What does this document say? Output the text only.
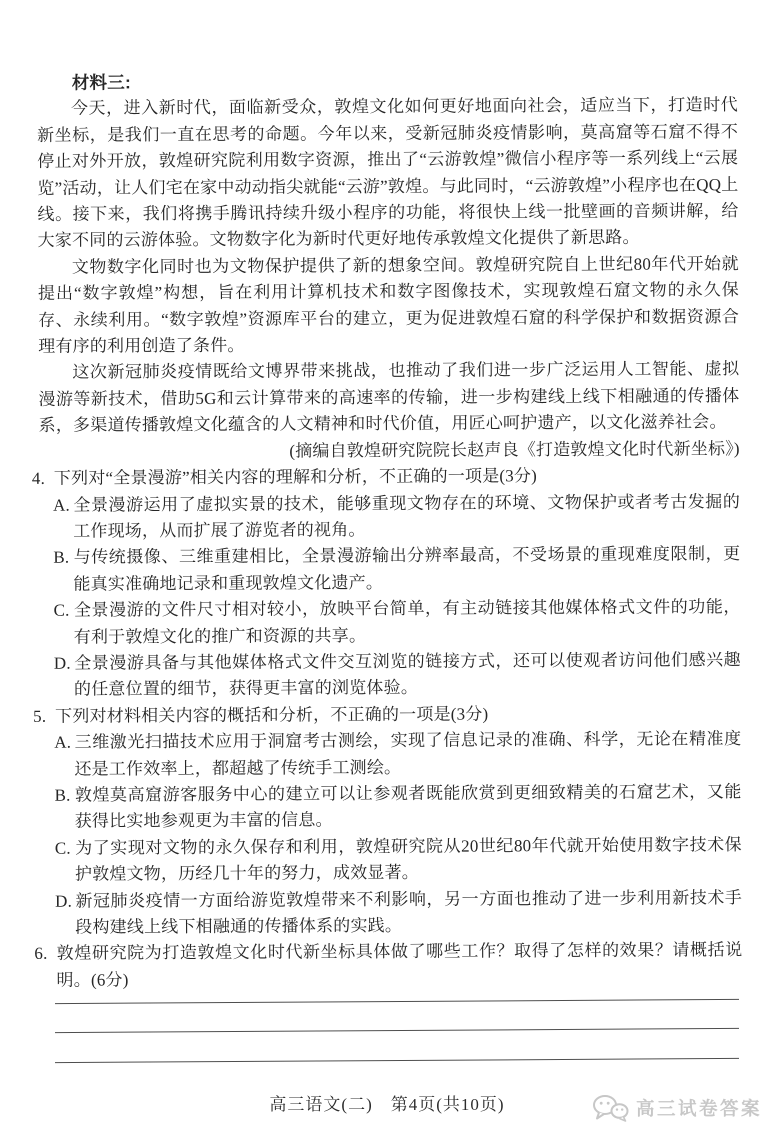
材料三:

今天，进入新时代，面临新受众，敦煌文化如何更好地面向社会，适应当下，打造时代新坐标，是我们一直在思考的命题。今年以来，受新冠肺炎疫情影响，莫高窟等石窟不得不停止对外开放，敦煌研究院利用数字资源，推出了“云游敦煌”微信小程序等一系列线上“云展览”活动，让人们宅在家中动动指尖就能“云游”敦煌。与此同时，“云游敦煌”小程序也在QQ上线。接下来，我们将携手腾讯持续升级小程序的功能，将很快上线一批壁画的音频讲解，给大家不同的云游体验。文物数字化为新时代更好地传承敦煌文化提供了新思路。

文物数字化同时也为文物保护提供了新的想象空间。敦煌研究院自上世纪80年代开始就提出“数字敦煌”构想，旨在利用计算机技术和数字图像技术，实现敦煌石窟文物的永久保存、永续利用。“数字敦煌”资源库平台的建立，更为促进敦煌石窟的科学保护和数据资源合理有序的利用创造了条件。

这次新冠肺炎疫情既给文博界带来挑战，也推动了我们进一步广泛运用人工智能、虚拟漫游等新技术，借助5G和云计算带来的高速率的传输，进一步构建线上线下相融通的传播体系，多渠道传播敦煌文化蕴含的人文精神和时代价值，用匠心呵护遗产，以文化滋养社会。

(摘编自敦煌研究院院长赵声良《打造敦煌文化时代新坐标》)

4. 下列对“全景漫游”相关内容的理解和分析，不正确的一项是(3分)

A. 全景漫游运用了虚拟实景的技术，能够重现文物存在的环境、文物保护或者考古发掘的工作现场，从而扩展了游览者的视角。

B. 与传统摄像、三维重建相比，全景漫游输出分辨率最高，不受场景的重现难度限制，更能真实准确地记录和重现敦煌文化遗产。

C. 全景漫游的文件尺寸相对较小，放映平台简单，有主动链接其他媒体格式文件的功能，有利于敦煌文化的推广和资源的共享。

D. 全景漫游具备与其他媒体格式文件交互浏览的链接方式，还可以使观者访问他们感兴趣的任意位置的细节，获得更丰富的浏览体验。

5. 下列对材料相关内容的概括和分析，不正确的一项是(3分)

A. 三维激光扫描技术应用于洞窟考古测绘，实现了信息记录的准确、科学，无论在精准度还是工作效率上，都超越了传统手工测绘。

B. 敦煌莫高窟游客服务中心的建立可以让参观者既能欣赏到更细致精美的石窟艺术，又能获得比实地参观更为丰富的信息。

C. 为了实现对文物的永久保存和利用，敦煌研究院从20世纪80年代就开始使用数字技术保护敦煌文物，历经几十年的努力，成效显著。

D. 新冠肺炎疫情一方面给游览敦煌带来不利影响，另一方面也推动了进一步利用新技术手段构建线上线下相融通的传播体系的实践。

6. 敦煌研究院为打造敦煌文化时代新坐标具体做了哪些工作？取得了怎样的效果？请概括说明。(6分)

高三语文(二)　第4页(共10页)	高三试卷答案
